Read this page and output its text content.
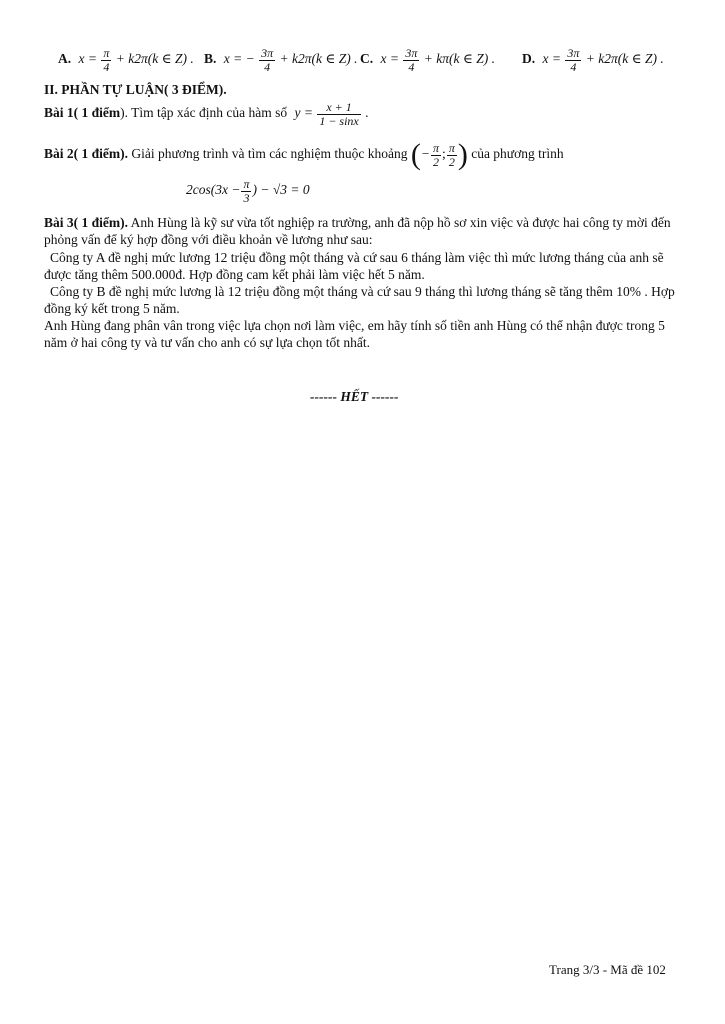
A. $x = \frac{\pi}{4} + k2\pi(k$ ∈ Z) . B. x = − $\frac{3\pi}{4} + k2\pi(k$ ∈ Z) . C. $x = \frac{3\pi}{4} + k\pi(k$ ∈ Z) . D. $x = \frac{3\pi}{4} + k2\pi(k$ ∈ Z) .
II. PHẦN TỰ LUẬN( 3 ĐIỂM).
Bài 1( 1 điểm). Tìm tập xác định của hàm số $y = \frac{x + 1}{1 - \sin x}$ .
Bài 2( 1 điểm). Giải phương trình và tìm các nghiệm thuộc khoảng (− $\frac{\pi}{2}$ ; $\frac{\pi}{2}$ ) của phương trình
$2\cos(3x - \frac{\pi}{3}$ ) − √3 = 0
Bài 3( 1 điểm). Anh Hùng là kỹ sư vừa tốt nghiệp ra trường, anh đã nộp hồ sơ xin việc và được hai công ty mời đến phỏng vấn để ký hợp đồng với điều khoản về lương như sau:
Công ty A đề nghị mức lương 12 triệu đồng một tháng và cứ sau 6 tháng làm việc thì mức lương tháng của anh sẽ được tăng thêm 500.000đ. Hợp đồng cam kết phải làm việc hết 5 năm.
Công ty B đề nghị mức lương là 12 triệu đồng một tháng và cứ sau 9 tháng thì lương tháng sẽ tăng thêm 10% . Hợp đồng ký kết trong 5 năm.
Anh Hùng đang phân vân trong việc lựa chọn nơi làm việc, em hãy tính số tiền anh Hùng có thể nhận được trong 5 năm ở hai công ty và tư vấn cho anh có sự lựa chọn tốt nhất.
------ HẾT ------
Trang 3/3 - Mã đề 102
